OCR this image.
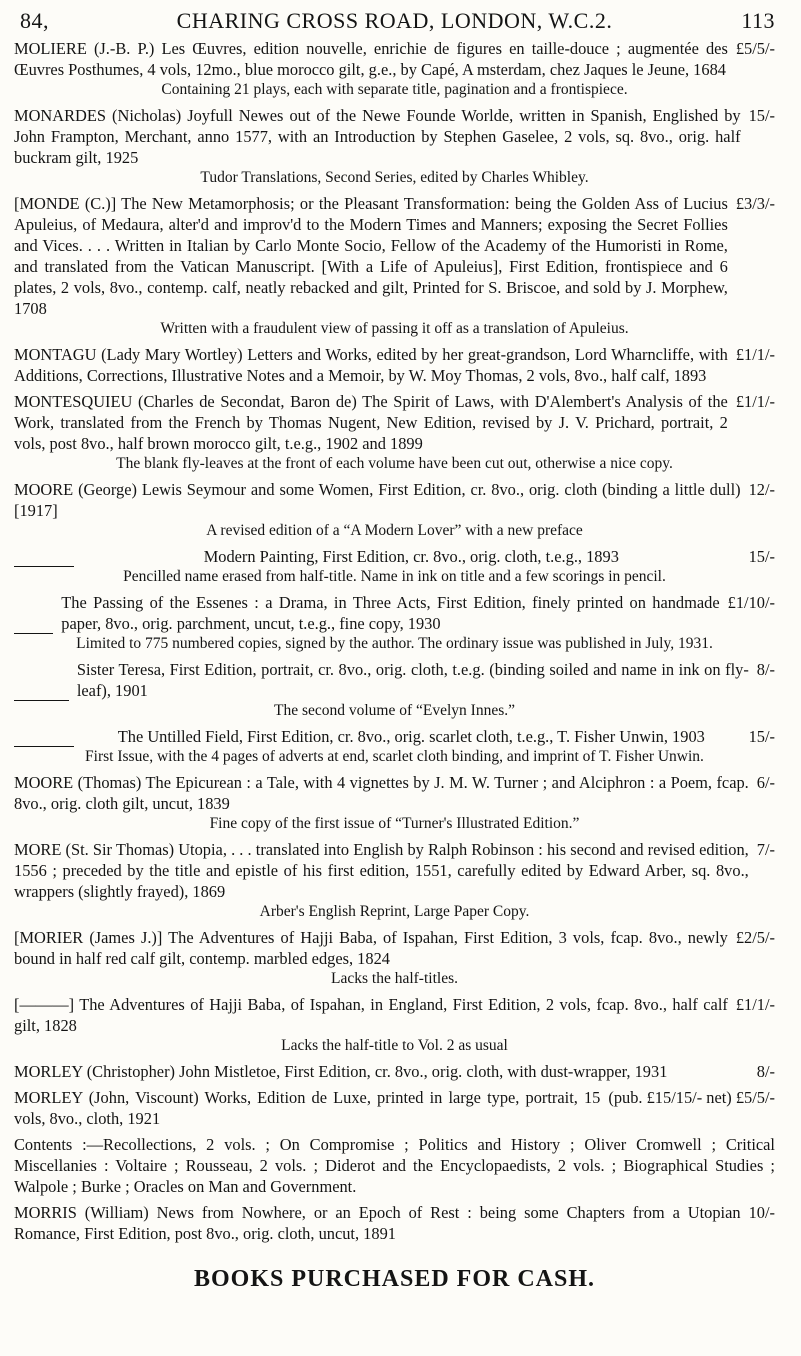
84,	CHARING CROSS ROAD, LONDON, W.C.2.	113
MOLIERE (J.-B. P.) Les Œuvres, edition nouvelle, enrichie de figures en taille-douce ; augmentée des Œuvres Posthumes, 4 vols, 12mo., blue morocco gilt, g.e., by Capé, A msterdam, chez Jaques le Jeune, 1684
£5/5/-
Containing 21 plays, each with separate title, pagination and a frontispiece.
MONARDES (Nicholas) Joyfull Newes out of the Newe Founde Worlde, written in Spanish, Englished by John Frampton, Merchant, anno 1577, with an Introduction by Stephen Gaselee, 2 vols, sq. 8vo., orig. half buckram gilt, 1925
15/-
Tudor Translations, Second Series, edited by Charles Whibley.
[MONDE (C.)] The New Metamorphosis; or the Pleasant Transformation: being the Golden Ass of Lucius Apuleius, of Medaura, alter'd and improv'd to the Modern Times and Manners; exposing the Secret Follies and Vices. . . . Written in Italian by Carlo Monte Socio, Fellow of the Academy of the Humoristi in Rome, and translated from the Vatican Manuscript. [With a Life of Apuleius], First Edition, frontispiece and 6 plates, 2 vols, 8vo., contemp. calf, neatly rebacked and gilt, Printed for S. Briscoe, and sold by J. Morphew, 1708
£3/3/-
Written with a fraudulent view of passing it off as a translation of Apuleius.
MONTAGU (Lady Mary Wortley) Letters and Works, edited by her great-grandson, Lord Wharncliffe, with Additions, Corrections, Illustrative Notes and a Memoir, by W. Moy Thomas, 2 vols, 8vo., half calf, 1893
£1/1/-
MONTESQUIEU (Charles de Secondat, Baron de) The Spirit of Laws, with D'Alembert's Analysis of the Work, translated from the French by Thomas Nugent, New Edition, revised by J. V. Prichard, portrait, 2 vols, post 8vo., half brown morocco gilt, t.e.g., 1902 and 1899
£1/1/-
The blank fly-leaves at the front of each volume have been cut out, otherwise a nice copy.
MOORE (George) Lewis Seymour and some Women, First Edition, cr. 8vo., orig. cloth (binding a little dull) [1917]
12/-
A revised edition of a “A Modern Lover” with a new preface
Modern Painting, First Edition, cr. 8vo., orig. cloth, t.e.g., 1893	15/-
Pencilled name erased from half-title. Name in ink on title and a few scorings in pencil.
The Passing of the Essenes : a Drama, in Three Acts, First Edition, finely printed on handmade paper, 8vo., orig. parchment, uncut, t.e.g., fine copy, 1930
£1/10/-
Limited to 775 numbered copies, signed by the author. The ordinary issue was published in July, 1931.
Sister Teresa, First Edition, portrait, cr. 8vo., orig. cloth, t.e.g. (binding soiled and name in ink on fly-leaf), 1901
8/-
The second volume of “Evelyn Innes.”
The Untilled Field, First Edition, cr. 8vo., orig. scarlet cloth, t.e.g., T. Fisher Unwin, 1903	15/-
First Issue, with the 4 pages of adverts at end, scarlet cloth binding, and imprint of T. Fisher Unwin.
MOORE (Thomas) The Epicurean : a Tale, with 4 vignettes by J. M. W. Turner ; and Alciphron : a Poem, fcap. 8vo., orig. cloth gilt, uncut, 1839
6/-
Fine copy of the first issue of “Turner's Illustrated Edition.”
MORE (St. Sir Thomas) Utopia, . . . translated into English by Ralph Robinson : his second and revised edition, 1556 ; preceded by the title and epistle of his first edition, 1551, carefully edited by Edward Arber, sq. 8vo., wrappers (slightly frayed), 1869
7/-
Arber's English Reprint, Large Paper Copy.
[MORIER (James J.)] The Adventures of Hajji Baba, of Ispahan, First Edition, 3 vols, fcap. 8vo., newly bound in half red calf gilt, contemp. marbled edges, 1824
£2/5/-
Lacks the half-titles.
[———] The Adventures of Hajji Baba, of Ispahan, in England, First Edition, 2 vols, fcap. 8vo., half calf gilt, 1828
£1/1/-
Lacks the half-title to Vol. 2 as usual
MORLEY (Christopher) John Mistletoe, First Edition, cr. 8vo., orig. cloth, with dust-wrapper, 1931	8/-
MORLEY (John, Viscount) Works, Edition de Luxe, printed in large type, portrait, 15 vols, 8vo., cloth, 1921
(pub. £15/15/- net) £5/5/-
Contents :—Recollections, 2 vols. ; On Compromise ; Politics and History ; Oliver Cromwell ; Critical Miscellanies : Voltaire ; Rousseau, 2 vols. ; Diderot and the Encyclopaedists, 2 vols. ; Biographical Studies ; Walpole ; Burke ; Oracles on Man and Government.
MORRIS (William) News from Nowhere, or an Epoch of Rest : being some Chapters from a Utopian Romance, First Edition, post 8vo., orig. cloth, uncut, 1891
10/-
BOOKS PURCHASED FOR CASH.
